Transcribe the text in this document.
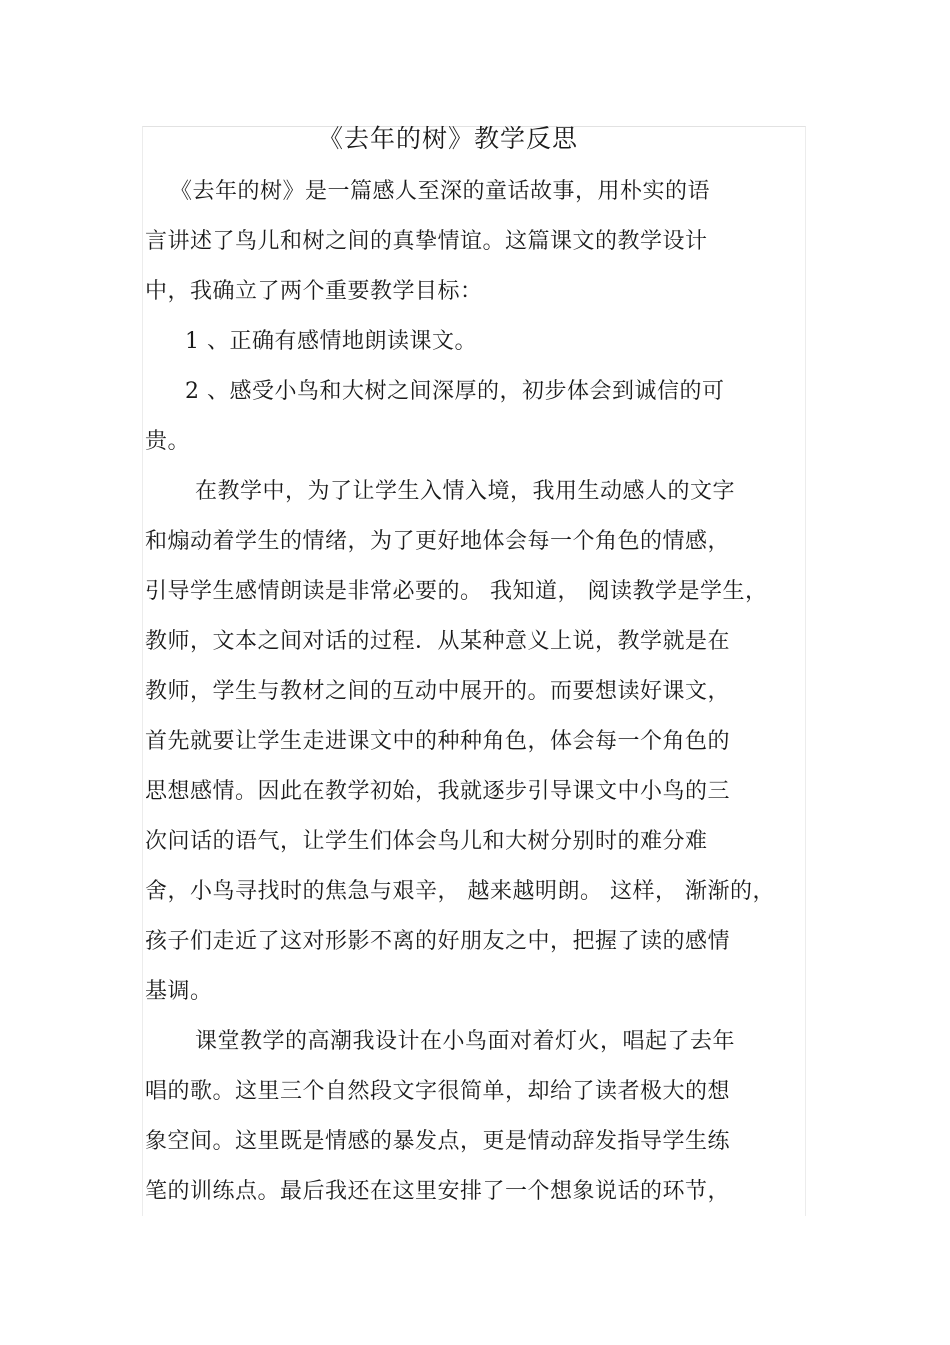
《去年的树》教学反思
《去年的树》是一篇感人至深的童话故事，用朴实的语
言讲述了鸟儿和树之间的真挚情谊。这篇课文的教学设计
中，我确立了两个重要教学目标：
1 、正确有感情地朗读课文。
2 、感受小鸟和大树之间深厚的，初步体会到诚信的可
贵。
在教学中，为了让学生入情入境，我用生动感人的文字
和煽动着学生的情绪，为了更好地体会每一个角色的情感，
引导学生感情朗读是非常必要的。 我知道， 阅读教学是学生，
教师，文本之间对话的过程．从某种意义上说，教学就是在
教师，学生与教材之间的互动中展开的。而要想读好课文，
首先就要让学生走进课文中的种种角色，体会每一个角色的
思想感情。因此在教学初始，我就逐步引导课文中小鸟的三
次问话的语气，让学生们体会鸟儿和大树分别时的难分难
舍，小鸟寻找时的焦急与艰辛， 越来越明朗。 这样， 渐渐的，
孩子们走近了这对形影不离的好朋友之中，把握了读的感情
基调。
课堂教学的高潮我设计在小鸟面对着灯火，唱起了去年
唱的歌。这里三个自然段文字很简单，却给了读者极大的想
象空间。这里既是情感的暴发点，更是情动辞发指导学生练
笔的训练点。最后我还在这里安排了一个想象说话的环节，
